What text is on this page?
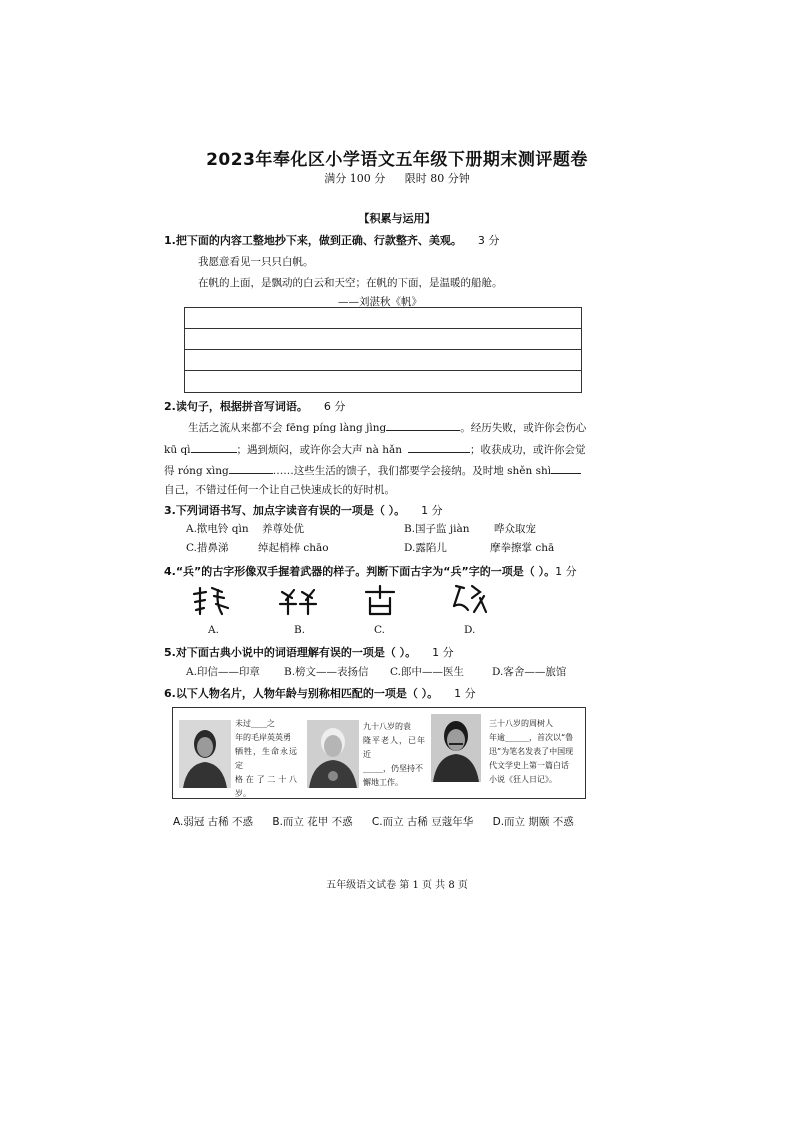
2023年奉化区小学语文五年级下册期末测评题卷
满分 100 分 限时 80 分钟
【积累与运用】
1.把下面的内容工整地抄下来，做到正确、行款整齐、美观。 3 分
我愿意看见一只只白帆。
在帆的上面，是飘动的白云和天空；在帆的下面，是温暖的船舱。
——刘湛秋《帆》
2.读句子，根据拼音写词语。 6 分
生活之流从来都不会 fēng píng làng jìng	。经历失败，或许你会伤心
kū qì	；遇到烦闷，或许你会大声 nà hǎn	；收获成功，或许你会觉
得 róng xìng	……这些生活的馈子，我们都要学会接纳。及时地 shěn shì
自己，不错过任何一个让自己快速成长的好时机。
3.下列词语书写、加点字读音有误的一项是（ ）。 1 分
A.揿电铃 qìn 养尊处优	B.国子监 jiàn 哗众取宠
C.措鼻涕	绰起梢棒 chāo	D.露陷儿	摩拳擦掌 chā
4.“兵”的古字形像双手握着武器的样子。判断下面古字为“兵”字的一项是（ ）。1 分
A.	B.	C.	D.
5.对下面古典小说中的词语理解有误的一项是（ ）。 1 分
A.印信——印章 B.榜文——表扬信 C.郎中——医生	D.客舍——旅馆
6.以下人物名片，人物年龄与别称相匹配的一项是（ ）。 1 分
未过____之
年的毛岸英英勇
牺牲，生命永远定
格在了二十八岁。
九十八岁的袁
隆平老人，已年近
_____，仍坚持不
懈地工作。
三十八岁的周树人
年逾______，首次以“鲁
迅”为笔名发表了中国现
代文学史上第一篇白话
小说《狂人日记》。
A.弱冠 古稀 不惑 B.而立 花甲 不惑 C.而立 古稀 豆蔻年华 D.而立 期颐 不惑
五年级语文试卷 第 1 页 共 8 页
